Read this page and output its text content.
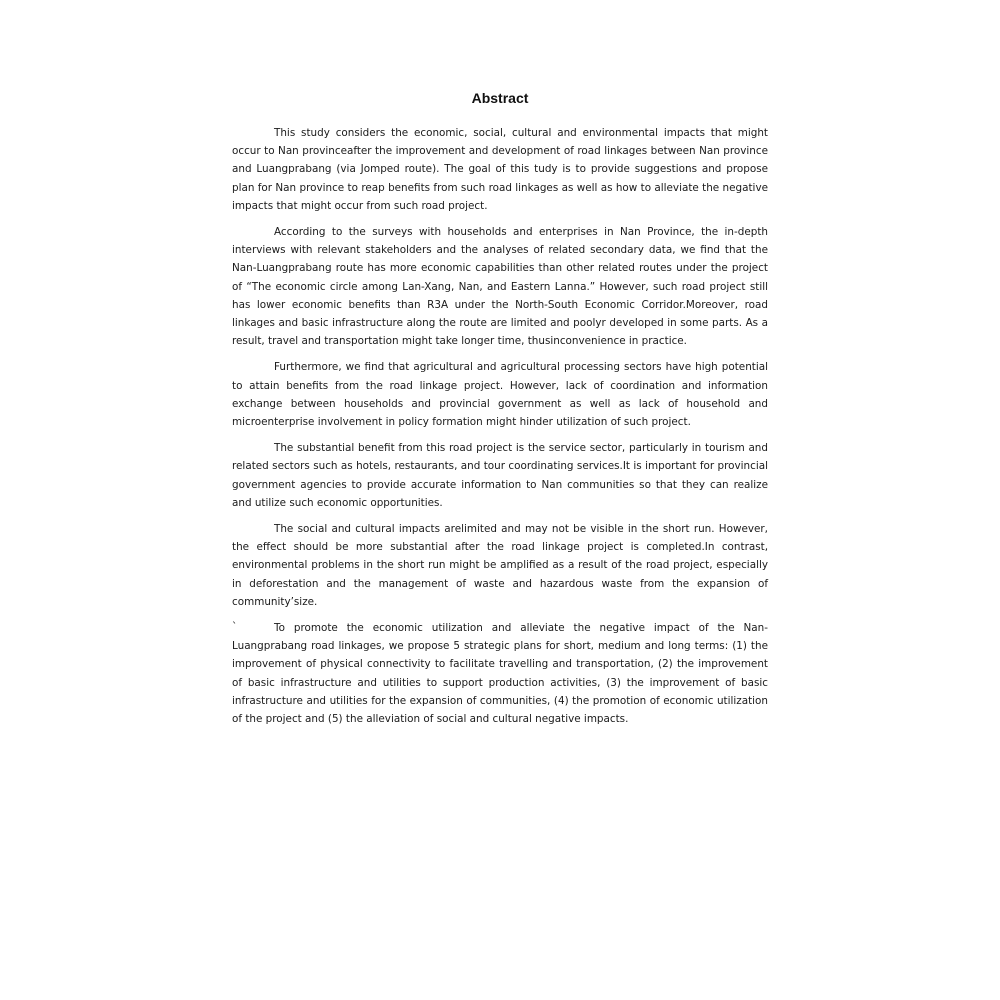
Abstract

This study considers the economic, social, cultural and environmental impacts that might occur to Nan provinceafter the improvement and development of road linkages between Nan province and Luangprabang (via Jomped route). The goal of this tudy is to provide suggestions and propose plan for Nan province to reap benefits from such road linkages as well as how to alleviate the negative impacts that might occur from such road project.

According to the surveys with households and enterprises in Nan Province, the in-depth interviews with relevant stakeholders and the analyses of related secondary data, we find that the Nan-Luangprabang route has more economic capabilities than other related routes under the project of “The economic circle among Lan-Xang, Nan, and Eastern Lanna.” However, such road project still has lower economic benefits than R3A under the North-South Economic Corridor.Moreover, road linkages and basic infrastructure along the route are limited and poolyr developed in some parts. As a result, travel and transportation might take longer time, thusinconvenience in practice.

Furthermore, we find that agricultural and agricultural processing sectors have high potential to attain benefits from the road linkage project. However, lack of coordination and information exchange between households and provincial government as well as lack of household and microenterprise involvement in policy formation might hinder utilization of such project.

The substantial benefit from this road project is the service sector, particularly in tourism and related sectors such as hotels, restaurants, and tour coordinating services.It is important for provincial government agencies to provide accurate information to Nan communities so that they can realize and utilize such economic opportunities.

The social and cultural impacts arelimited and may not be visible in the short run. However, the effect should be more substantial after the road linkage project is completed.In contrast, environmental problems in the short run might be amplified as a result of the road project, especially in deforestation and the management of waste and hazardous waste from the expansion of community’size.

`	To promote the economic utilization and alleviate the negative impact of the Nan-Luangprabang road linkages, we propose 5 strategic plans for short, medium and long terms: (1) the improvement of physical connectivity to facilitate travelling and transportation, (2) the improvement of basic infrastructure and utilities to support production activities, (3) the improvement of basic infrastructure and utilities for the expansion of communities, (4) the promotion of economic utilization of the project and (5) the alleviation of social and cultural negative impacts.
